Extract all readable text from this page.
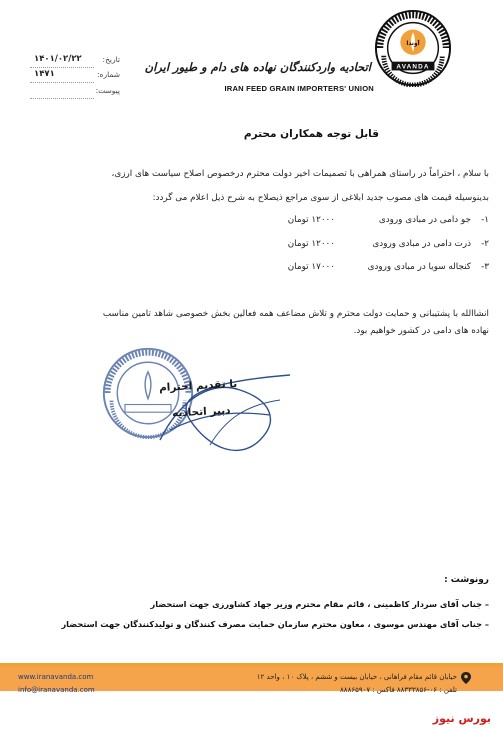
آوندا
AVANDA
اتحادیه واردکنندگان نهاده های دام و طیور ایران
IRAN FEED GRAIN IMPORTERS' UNION
تاریخ:
۱۴۰۱/۰۲/۲۲
شماره:
۱۴۷۱
پیوست:
قابل توجه همکاران محترم
با سلام ، احتراماً در راستای همراهی با تصمیمات اخیر دولت محترم درخصوص اصلاح سیاست های ارزی،
بدینوسیله قیمت های مصوب جدید ابلاغی از سوی مراجع ذیصلاح به شرح ذیل اعلام می گردد:
۱-جو دامی در مبادی ورودی۱۲۰۰۰ تومان
۲-ذرت دامی در مبادی ورودی۱۲۰۰۰ تومان
۳-کنجاله سویا در مبادی ورودی۱۷۰۰۰ تومان
انشاالله با پشتیبانی و حمایت دولت محترم و تلاش مضاعف همه فعالین بخش خصوصی شاهد تامین مناسب
نهاده های دامی در کشور خواهیم بود.
با تقدیم احترام
دبیر اتحادیه
رونوشت :
– جناب آقای سردار کاظمینی ، قائم مقام محترم وزیر جهاد کشاورزی جهت استحضار
– جناب آقای مهندس موسوی ، معاون محترم سازمان حمایت مصرف کنندگان و تولیدکنندگان جهت استحضار
خیابان قائم مقام فراهانی ، خیابان بیست و ششم ، پلاک ۱۰ ، واحد ۱۲
تلفن : ۰۶-۸۸۳۳۳۸۵۶ فاکس : ۸۸۸۶۵۹۰۷
www.iranavanda.com
info@iranavanda.com
بورس نیوز
